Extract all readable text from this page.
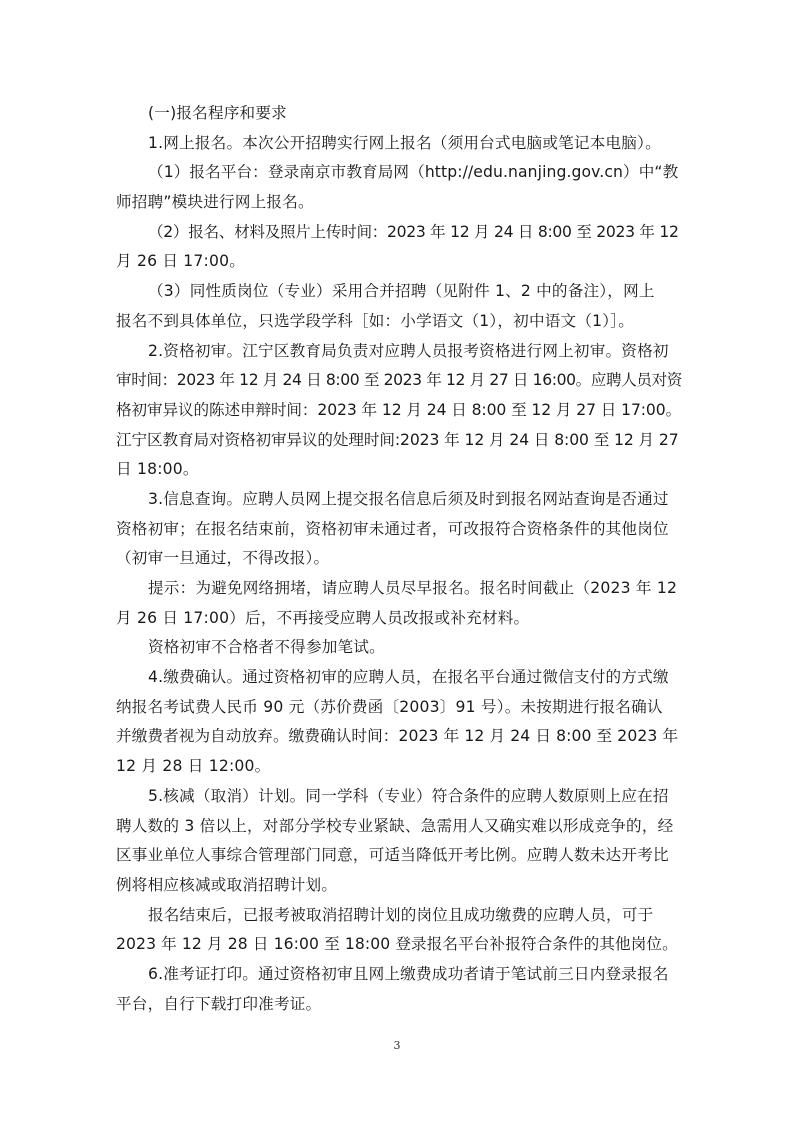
(一)报名程序和要求
1.网上报名。本次公开招聘实行网上报名（须用台式电脑或笔记本电脑）。
（1）报名平台：登录南京市教育局网（http://edu.nanjing.gov.cn）中“教
师招聘”模块进行网上报名。
（2）报名、材料及照片上传时间：2023 年 12 月 24 日 8:00 至 2023 年 12
月 26 日 17:00。
（3）同性质岗位（专业）采用合并招聘（见附件 1、2 中的备注），网上
报名不到具体单位，只选学段学科［如：小学语文（1），初中语文（1）］。
2.资格初审。江宁区教育局负责对应聘人员报考资格进行网上初审。资格初
审时间：2023 年 12 月 24 日 8:00 至 2023 年 12 月 27 日 16:00。应聘人员对资
格初审异议的陈述申辩时间：2023 年 12 月 24 日 8:00 至 12 月 27 日 17:00。
江宁区教育局对资格初审异议的处理时间:2023 年 12 月 24 日 8:00 至 12 月 27
日 18:00。
3.信息查询。应聘人员网上提交报名信息后须及时到报名网站查询是否通过
资格初审；在报名结束前，资格初审未通过者，可改报符合资格条件的其他岗位
（初审一旦通过，不得改报）。
提示：为避免网络拥堵，请应聘人员尽早报名。报名时间截止（2023 年 12
月 26 日 17:00）后，不再接受应聘人员改报或补充材料。
资格初审不合格者不得参加笔试。
4.缴费确认。通过资格初审的应聘人员，在报名平台通过微信支付的方式缴
纳报名考试费人民币 90 元（苏价费函〔2003〕91 号）。未按期进行报名确认
并缴费者视为自动放弃。缴费确认时间：2023 年 12 月 24 日 8:00 至 2023 年
12 月 28 日 12:00。
5.核减（取消）计划。同一学科（专业）符合条件的应聘人数原则上应在招
聘人数的 3 倍以上，对部分学校专业紧缺、急需用人又确实难以形成竞争的，经
区事业单位人事综合管理部门同意，可适当降低开考比例。应聘人数未达开考比
例将相应核减或取消招聘计划。
报名结束后，已报考被取消招聘计划的岗位且成功缴费的应聘人员，可于
2023 年 12 月 28 日 16:00 至 18:00 登录报名平台补报符合条件的其他岗位。
6.准考证打印。通过资格初审且网上缴费成功者请于笔试前三日内登录报名
平台，自行下载打印准考证。
3
